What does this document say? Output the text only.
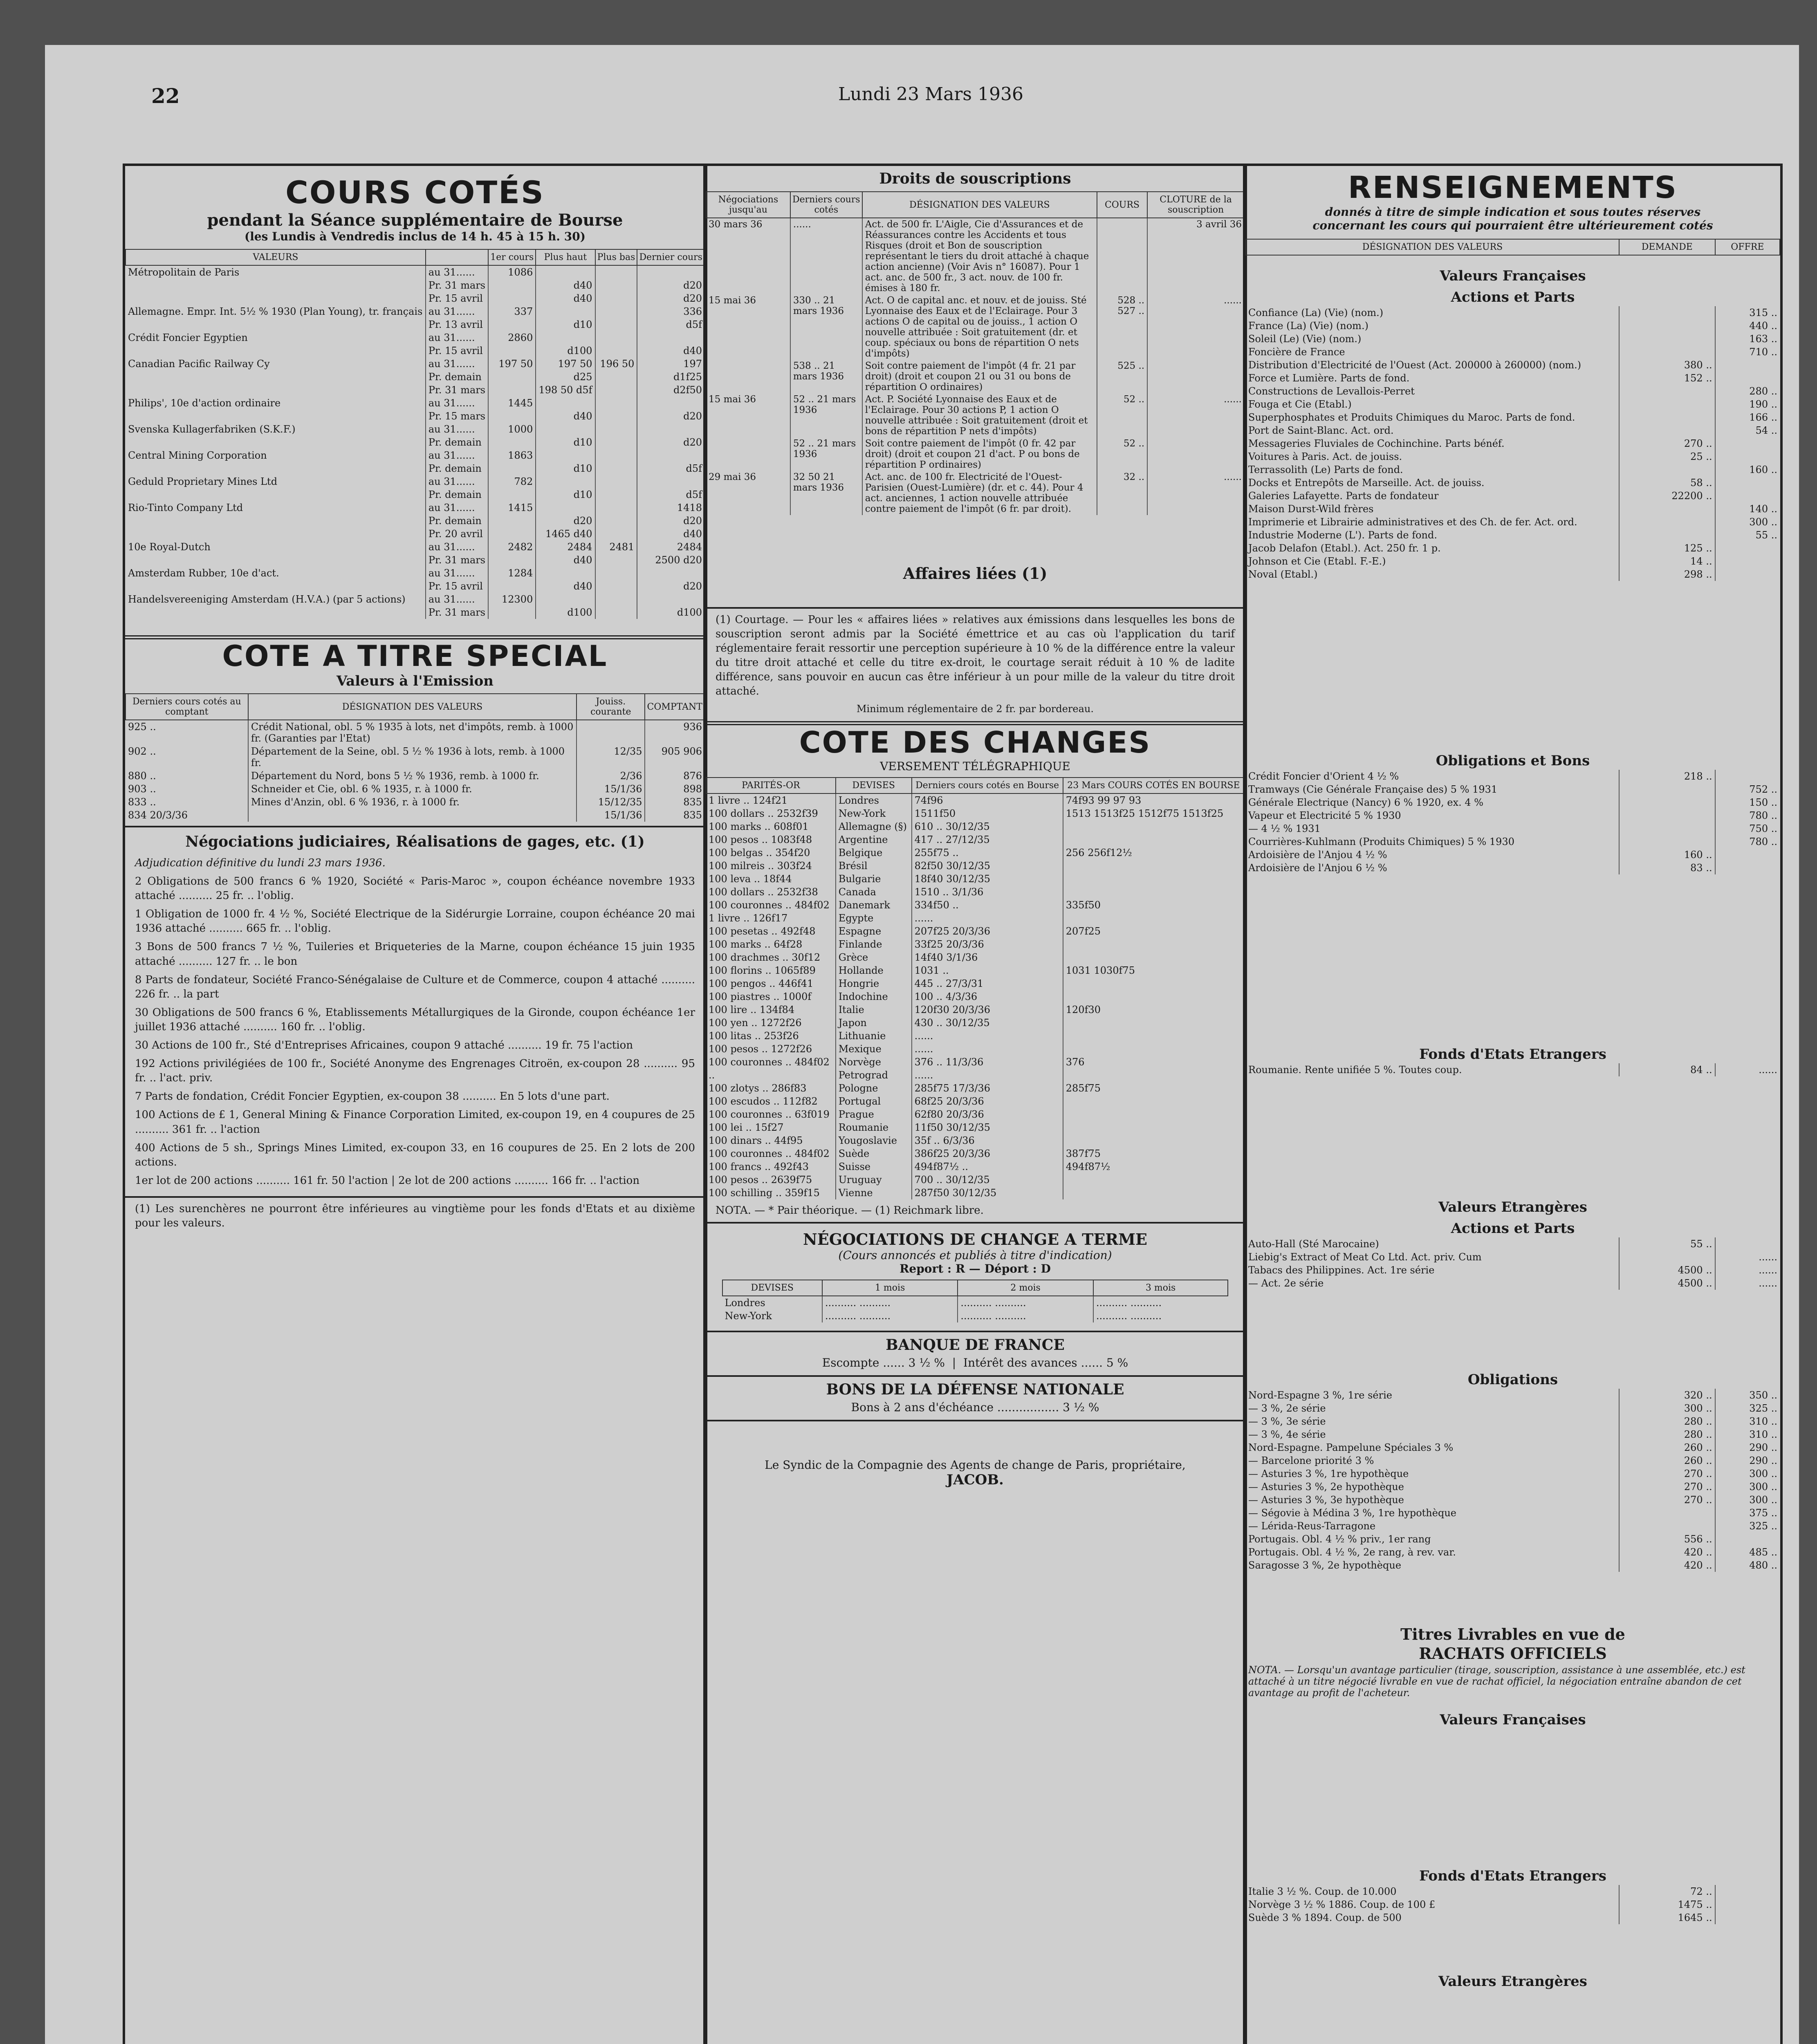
22	Lundi 23 Mars 1936
COURS COTÉS
pendant la Séance supplémentaire de Bourse
(les Lundis à Vendredis inclus de 14 h. 45 à 15 h. 30)
VALEURS		1er cours	Plus haut	Plus bas	Dernier cours
Métropolitain de Paris	au 31......	1086			
	Pr. 31 mars		d40		d20
	Pr. 15 avril		d40		d20
Allemagne. Empr. Int. 5½ % 1930 (Plan Young), tr. français	au 31......	337			336
	Pr. 13 avril		d10		d5f
Crédit Foncier Egyptien	au 31......	2860			
	Pr. 15 avril		d100		d40
Canadian Pacific Railway Cy	au 31......	197 50	197 50	196 50	197
	Pr. demain		d25		d1f25
	Pr. 31 mars		198 50 d5f		d2f50
Philips', 10e d'action ordinaire	au 31......	1445			
	Pr. 15 mars		d40		d20
Svenska Kullagerfabriken (S.K.F.)	au 31......	1000			
	Pr. demain		d10		d20
Central Mining Corporation	au 31......	1863			
	Pr. demain		d10		d5f
Geduld Proprietary Mines Ltd	au 31......	782			
	Pr. demain		d10		d5f
Rio-Tinto Company Ltd	au 31......	1415			1418
	Pr. demain		d20		d20
	Pr. 20 avril		1465 d40		d40
10e Royal-Dutch	au 31......	2482	2484	2481	2484
	Pr. 31 mars		d40		2500 d20
Amsterdam Rubber, 10e d'act.	au 31......	1284			
	Pr. 15 avril		d40		d20
Handelsvereeniging Amsterdam (H.V.A.) (par 5 actions)	au 31......	12300			
	Pr. 31 mars		d100		d100
COTE A TITRE SPECIAL
Valeurs à l'Emission
Derniers cours cotés au comptant	DÉSIGNATION DES VALEURS	Jouiss. courante	COMPTANT
925 ..	Crédit National, obl. 5 % 1935 à lots, net d'impôts, remb. à 1000 fr. (Garanties par l'Etat)		936
902 ..	Département de la Seine, obl. 5 ½ % 1936 à lots, remb. à 1000 fr.	12/35	905 906
880 ..	Département du Nord, bons 5 ½ % 1936, remb. à 1000 fr.	2/36	876
903 ..	Schneider et Cie, obl. 6 % 1935, r. à 1000 fr.	15/1/36	898
833 ..	Mines d'Anzin, obl. 6 % 1936, r. à 1000 fr.	15/12/35	835
834 20/3/36		15/1/36	835
Négociations judiciaires, Réalisations de gages, etc. (1)
Adjudication définitive du lundi 23 mars 1936.
2 Obligations de 500 francs 6 % 1920, Société « Paris-Maroc », coupon échéance novembre 1933 attaché .......... 25 fr. .. l'oblig.
1 Obligation de 1000 fr. 4 ½ %, Société Electrique de la Sidérurgie Lorraine, coupon échéance 20 mai 1936 attaché .......... 665 fr. .. l'oblig.
3 Bons de 500 francs 7 ½ %, Tuileries et Briqueteries de la Marne, coupon échéance 15 juin 1935 attaché .......... 127 fr. .. le bon
8 Parts de fondateur, Société Franco-Sénégalaise de Culture et de Commerce, coupon 4 attaché .......... 226 fr. .. la part
30 Obligations de 500 francs 6 %, Etablissements Métallurgiques de la Gironde, coupon échéance 1er juillet 1936 attaché .......... 160 fr. .. l'oblig.
30 Actions de 100 fr., Sté d'Entreprises Africaines, coupon 9 attaché .......... 19 fr. 75 l'action
192 Actions privilégiées de 100 fr., Société Anonyme des Engrenages Citroën, ex-coupon 28 .......... 95 fr. .. l'act. priv.
7 Parts de fondation, Crédit Foncier Egyptien, ex-coupon 38 .......... En 5 lots d'une part.
100 Actions de £ 1, General Mining & Finance Corporation Limited, ex-coupon 19, en 4 coupures de 25 .......... 361 fr. .. l'action
400 Actions de 5 sh., Springs Mines Limited, ex-coupon 33, en 16 coupures de 25. En 2 lots de 200 actions.
1er lot de 200 actions .......... 161 fr. 50 l'action | 2e lot de 200 actions .......... 166 fr. .. l'action
(1) Les surenchères ne pourront être inférieures au vingtième pour les fonds d'Etats et au dixième pour les valeurs.
Droits de souscriptions
Négociations jusqu'au	Derniers cours cotés	DÉSIGNATION DES VALEURS	COURS	CLOTURE de la souscription
30 mars 36	......	Act. de 500 fr. L'Aigle, Cie d'Assurances et de Réassurances contre les Accidents et tous Risques (droit et Bon de souscription représentant le tiers du droit attaché à chaque action ancienne) (Voir Avis n° 16087). Pour 1 act. anc. de 500 fr., 3 act. nouv. de 100 fr. émises à 180 fr.		3 avril 36
15 mai 36	330 .. 21 mars 1936	Act. O de capital anc. et nouv. et de jouiss. Sté Lyonnaise des Eaux et de l'Eclairage. Pour 3 actions O de capital ou de jouiss., 1 action O nouvelle attribuée : Soit gratuitement (dr. et coup. spéciaux ou bons de répartition O nets d'impôts)	528 .. 527 ..	......
	538 .. 21 mars 1936	Soit contre paiement de l'impôt (4 fr. 21 par droit) (droit et coupon 21 ou 31 ou bons de répartition O ordinaires)	525 ..	
15 mai 36	52 .. 21 mars 1936	Act. P. Société Lyonnaise des Eaux et de l'Eclairage. Pour 30 actions P, 1 action O nouvelle attribuée : Soit gratuitement (droit et bons de répartition P nets d'impôts)	52 ..	......
	52 .. 21 mars 1936	Soit contre paiement de l'impôt (0 fr. 42 par droit) (droit et coupon 21 d'act. P ou bons de répartition P ordinaires)	52 ..	
29 mai 36	32 50 21 mars 1936	Act. anc. de 100 fr. Electricité de l'Ouest-Parisien (Ouest-Lumière) (dr. et c. 44). Pour 4 act. anciennes, 1 action nouvelle attribuée contre paiement de l'impôt (6 fr. par droit).	32 ..	......
Affaires liées (1)
(1) Courtage. — Pour les « affaires liées » relatives aux émissions dans lesquelles les bons de souscription seront admis par la Société émettrice et au cas où l'application du tarif réglementaire ferait ressortir une perception supérieure à 10 % de la différence entre la valeur du titre droit attaché et celle du titre ex-droit, le courtage serait réduit à 10 % de ladite différence, sans pouvoir en aucun cas être inférieur à un pour mille de la valeur du titre droit attaché.
Minimum réglementaire de 2 fr. par bordereau.
COTE DES CHANGES
VERSEMENT TÉLÉGRAPHIQUE
PARITÉS-OR	DEVISES	Derniers cours cotés en Bourse	23 Mars COURS COTÉS EN BOURSE
1 livre .. 124f21	Londres	74f96	74f93 99 97 93
100 dollars .. 2532f39	New-York	1511f50	1513 1513f25 1512f75 1513f25
100 marks .. 608f01	Allemagne (§)	610 .. 30/12/35	
100 pesos .. 1083f48	Argentine	417 .. 27/12/35	
100 belgas .. 354f20	Belgique	255f75 ..	256 256f12½
100 milreis .. 303f24	Brésil	82f50 30/12/35	
100 leva .. 18f44	Bulgarie	18f40 30/12/35	
100 dollars .. 2532f38	Canada	1510 .. 3/1/36	
100 couronnes .. 484f02	Danemark	334f50 ..	335f50
1 livre .. 126f17	Egypte	......	
100 pesetas .. 492f48	Espagne	207f25 20/3/36	207f25
100 marks .. 64f28	Finlande	33f25 20/3/36	
100 drachmes .. 30f12	Grèce	14f40 3/1/36	
100 florins .. 1065f89	Hollande	1031 ..	1031 1030f75
100 pengos .. 446f41	Hongrie	445 .. 27/3/31	
100 piastres .. 1000f	Indochine	100 .. 4/3/36	
100 lire .. 134f84	Italie	120f30 20/3/36	120f30
100 yen .. 1272f26	Japon	430 .. 30/12/35	
100 litas .. 253f26	Lithuanie	......	
100 pesos .. 1272f26	Mexique	......	
100 couronnes .. 484f02	Norvège	376 .. 11/3/36	376
..	Petrograd	......	
100 zlotys .. 286f83	Pologne	285f75 17/3/36	285f75
100 escudos .. 112f82	Portugal	68f25 20/3/36	
100 couronnes .. 63f019	Prague	62f80 20/3/36	
100 lei .. 15f27	Roumanie	11f50 30/12/35	
100 dinars .. 44f95	Yougoslavie	35f .. 6/3/36	
100 couronnes .. 484f02	Suède	386f25 20/3/36	387f75
100 francs .. 492f43	Suisse	494f87½ ..	494f87½
100 pesos .. 2639f75	Uruguay	700 .. 30/12/35	
100 schilling .. 359f15	Vienne	287f50 30/12/35	
NOTA. — * Pair théorique. — (1) Reichmark libre.
NÉGOCIATIONS DE CHANGE A TERME
(Cours annoncés et publiés à titre d'indication)
Report : R — Déport : D
DEVISES	1 mois	2 mois	3 mois
Londres	.......... ..........	.......... ..........	.......... ..........
New-York	.......... ..........	.......... ..........	.......... ..........
BANQUE DE FRANCE
Escompte ...... 3 ½ %  |  Intérêt des avances ...... 5 %
BONS DE LA DÉFENSE NATIONALE
Bons à 2 ans d'échéance ................. 3 ½ %
Le Syndic de la Compagnie des Agents de change de Paris, propriétaire,
JACOB.
RENSEIGNEMENTS
donnés à titre de simple indication et sous toutes réserves
concernant les cours qui pourraient être ultérieurement cotés
DÉSIGNATION DES VALEURS	DEMANDE	OFFRE
Valeurs Françaises		
Actions et Parts		
Confiance (La) (Vie) (nom.)		315 ..
France (La) (Vie) (nom.)		440 ..
Soleil (Le) (Vie) (nom.)		163 ..
Foncière de France		710 ..
Distribution d'Electricité de l'Ouest (Act. 200000 à 260000) (nom.)	380 ..	
Force et Lumière. Parts de fond.	152 ..	
Constructions de Levallois-Perret		280 ..
Fouga et Cie (Etabl.)		190 ..
Superphosphates et Produits Chimiques du Maroc. Parts de fond.		166 ..
Port de Saint-Blanc. Act. ord.		54 ..
Messageries Fluviales de Cochinchine. Parts bénéf.	270 ..	
Voitures à Paris. Act. de jouiss.	25 ..	
Terrassolith (Le) Parts de fond.		160 ..
Docks et Entrepôts de Marseille. Act. de jouiss.	58 ..	
Galeries Lafayette. Parts de fondateur	22200 ..	
Maison Durst-Wild frères		140 ..
Imprimerie et Librairie administratives et des Ch. de fer. Act. ord.		300 ..
Industrie Moderne (L'). Parts de fond.		55 ..
Jacob Delafon (Etabl.). Act. 250 fr. 1 p.	125 ..	
Johnson et Cie (Etabl. F.-E.)	14 ..	
Noval (Etabl.)	298 ..	
Obligations et Bons		
Crédit Foncier d'Orient 4 ½ %	218 ..	
Tramways (Cie Générale Française des) 5 % 1931		752 ..
Générale Electrique (Nancy) 6 % 1920, ex. 4 %		150 ..
Vapeur et Electricité 5 % 1930		780 ..
— 4 ½ % 1931		750 ..
Courrières-Kuhlmann (Produits Chimiques) 5 % 1930		780 ..
Ardoisière de l'Anjou 4 ½ %	160 ..	
Ardoisière de l'Anjou 6 ½ %	83 ..	
Fonds d'Etats Etrangers		
Roumanie. Rente unifiée 5 %. Toutes coup.	84 ..	......
Valeurs Etrangères		
Actions et Parts		
Auto-Hall (Sté Marocaine)	55 ..	
Liebig's Extract of Meat Co Ltd. Act. priv. Cum		......
Tabacs des Philippines. Act. 1re série	4500 ..	......
— Act. 2e série	4500 ..	......
Obligations		
Nord-Espagne 3 %, 1re série	320 ..	350 ..
— 3 %, 2e série	300 ..	325 ..
— 3 %, 3e série	280 ..	310 ..
— 3 %, 4e série	280 ..	310 ..
Nord-Espagne. Pampelune Spéciales 3 %	260 ..	290 ..
— Barcelone priorité 3 %	260 ..	290 ..
— Asturies 3 %, 1re hypothèque	270 ..	300 ..
— Asturies 3 %, 2e hypothèque	270 ..	300 ..
— Asturies 3 %, 3e hypothèque	270 ..	300 ..
— Ségovie à Médina 3 %, 1re hypothèque		375 ..
— Lérida-Reus-Tarragone		325 ..
Portugais. Obl. 4 ½ % priv., 1er rang	556 ..	
Portugais. Obl. 4 ½ %, 2e rang, à rev. var.	420 ..	485 ..
Saragosse 3 %, 2e hypothèque	420 ..	480 ..
Titres Livrables en vue de		
RACHATS OFFICIELS		
NOTA. — Lorsqu'un avantage particulier (tirage, souscription, assistance à une assemblée, etc.) est attaché à un titre négocié livrable en vue de rachat officiel, la négociation entraîne abandon de cet avantage au profit de l'acheteur.		
Valeurs Françaises		
Fonds d'Etats Etrangers		
Italie 3 ½ %. Coup. de 10.000	72 ..	
Norvège 3 ½ % 1886. Coup. de 100 £	1475 ..	
Suède 3 % 1894. Coup. de 500	1645 ..	
Valeurs Etrangères		
